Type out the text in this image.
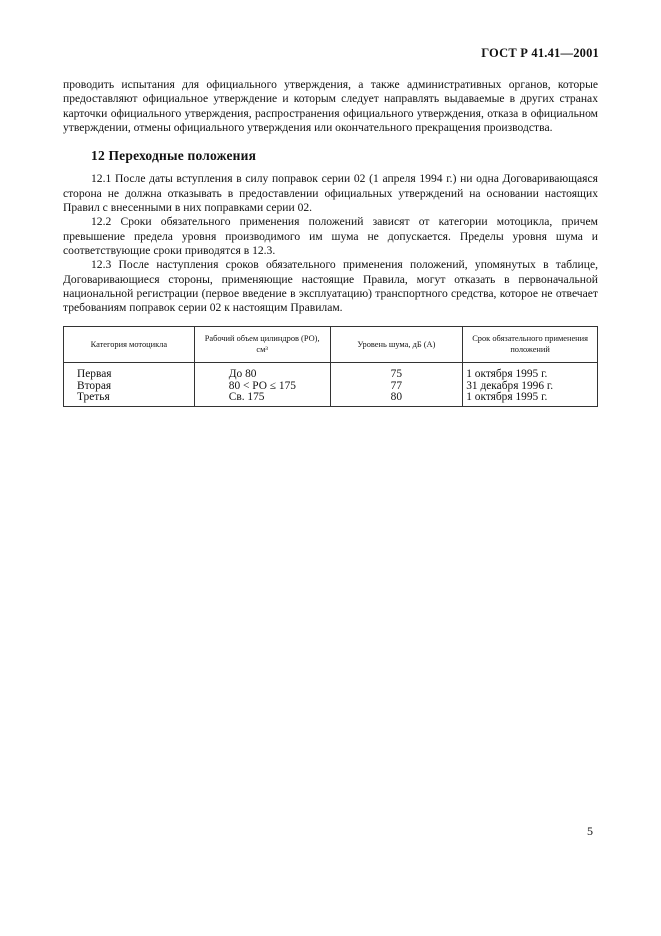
ГОСТ Р 41.41—2001

проводить испытания для официального утверждения, а также административных органов, которые предоставляют официальное утверждение и которым следует направлять выдаваемые в других странах карточки официального утверждения, распространения официального утверждения, отказа в официальном утверждении, отмены официального утверждения или окончательного прекращения производства.

12 Переходные положения

12.1 После даты вступления в силу поправок серии 02 (1 апреля 1994 г.) ни одна Договаривающаяся сторона не должна отказывать в предоставлении официальных утверждений на основании настоящих Правил с внесенными в них поправками серии 02.

12.2 Сроки обязательного применения положений зависят от категории мотоцикла, причем превышение предела уровня производимого им шума не допускается. Пределы уровня шума и соответствующие сроки приводятся в 12.3.

12.3 После наступления сроков обязательного применения положений, упомянутых в таблице, Договаривающиеся стороны, применяющие настоящие Правила, могут отказать в первоначальной национальной регистрации (первое введение в эксплуатацию) транспортного средства, которое не отвечает требованиям поправок серии 02 к настоящим Правилам.

Категория мотоцикла	Рабочий объем цилиндров (РО), см³	Уровень шума, дБ (А)	Срок обязательного применения положений
Первая	До 80	75	1 октября 1995 г.
Вторая	80 < РО ≤ 175	77	31 декабря 1996 г.
Третья	Св. 175	80	1 октября 1995 г.
5
